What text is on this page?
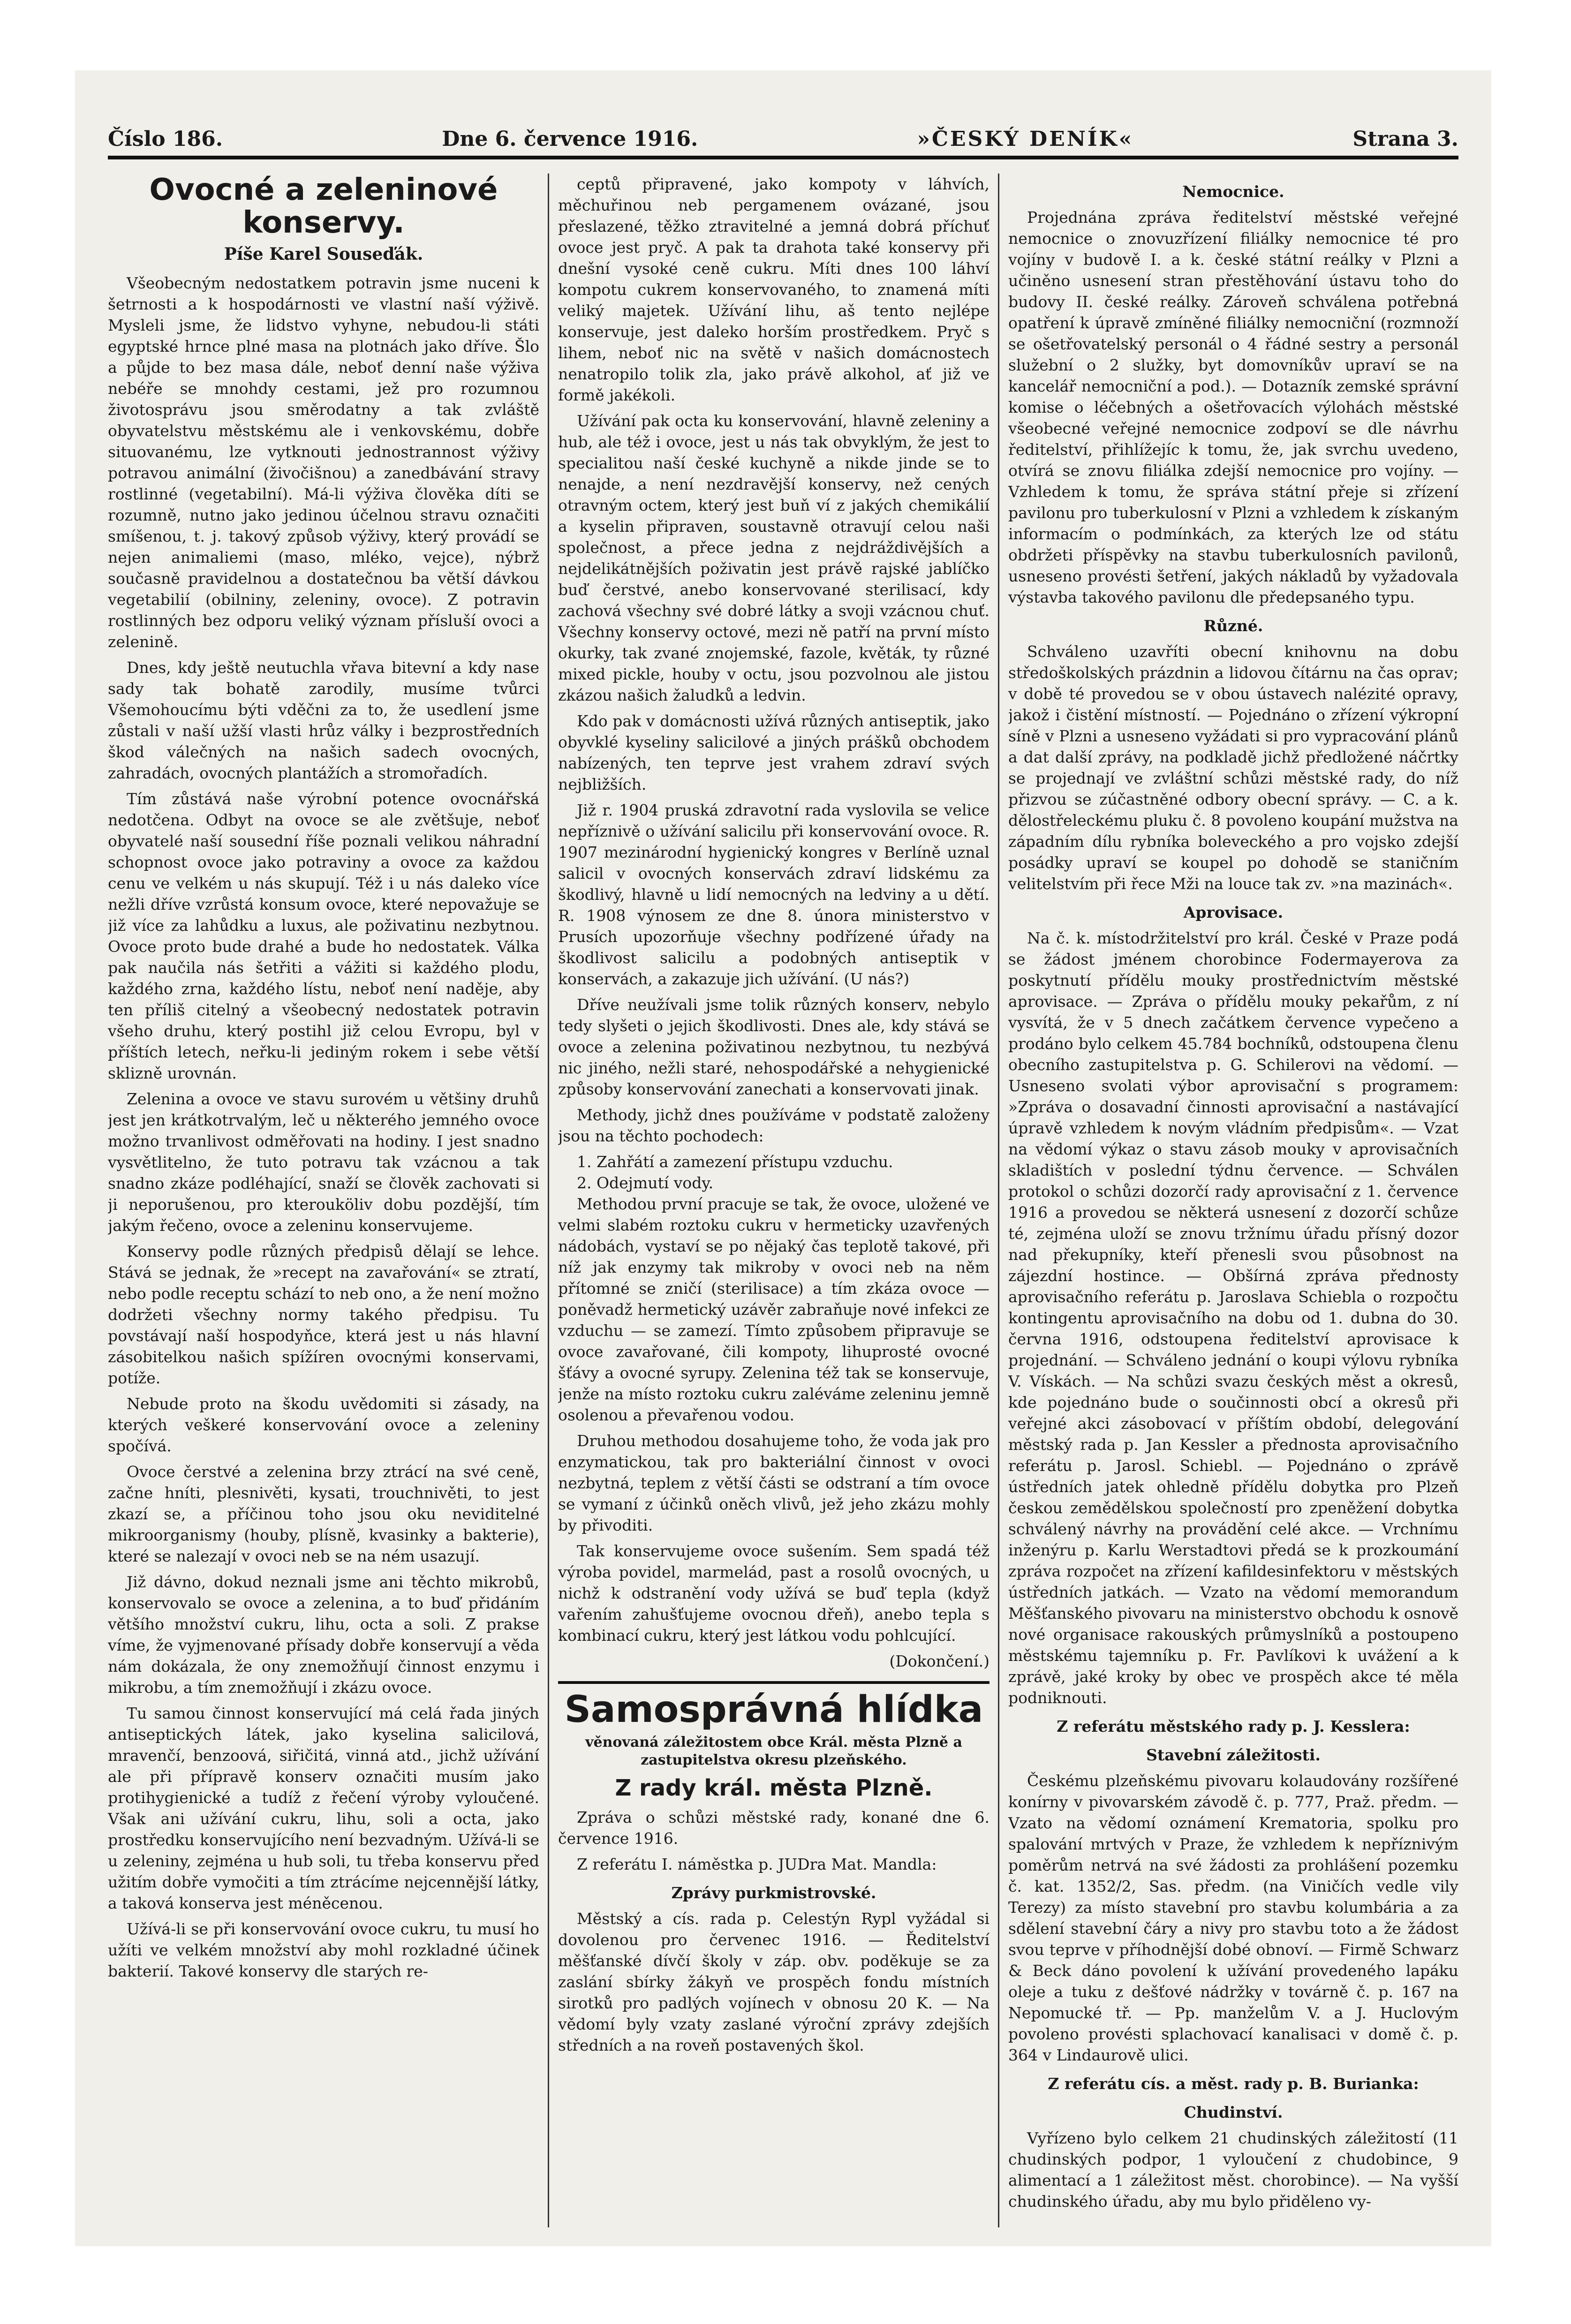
Číslo 186.	Dne 6. července 1916.	»ČESKÝ DENÍK«	Strana 3.

Ovocné a zeleninové konservy.

Píše Karel Souseďák.

Všeobecným nedostatkem potravin jsme nuceni k šetrnosti a k hospodárnosti ve vlastní naší výživě. Mysleli jsme, že lidstvo vyhyne, nebudou-li státi egyptské hrnce plné masa na plotnách jako dříve. Šlo a půjde to bez masa dále, neboť denní naše výživa nebéře se mnohdy cestami, jež pro rozumnou životosprávu jsou směrodatny a tak zvláště obyvatelstvu městskému ale i venkovskému, dobře situovanému, lze vytknouti jednostrannost výživy potravou animální (živočišnou) a zanedbávání stravy rostlinné (vegetabilní). Má-li výživa člověka díti se rozumně, nutno jako jedinou účelnou stravu označiti smíšenou, t. j. takový způsob výživy, který provádí se nejen animaliemi (maso, mléko, vejce), nýbrž současně pravidelnou a dostatečnou ba větší dávkou vegetabilií (obilniny, zeleniny, ovoce). Z potravin rostlinných bez odporu veliký význam přísluší ovoci a zelenině.

Dnes, kdy ještě neutuchla vřava bitevní a kdy nase sady tak bohatě zarodily, musíme tvůrci Všemohoucímu býti vděčni za to, že usedlení jsme zůstali v naší užší vlasti hrůz války i bezprostředních škod válečných na našich sadech ovocných, zahradách, ovocných plantážích a stromořadích.

Tím zůstává naše výrobní potence ovocnářská nedotčena. Odbyt na ovoce se ale zvětšuje, neboť obyvatelé naší sousední říše poznali velikou náhradní schopnost ovoce jako potraviny a ovoce za každou cenu ve velkém u nás skupují. Též i u nás daleko více nežli dříve vzrůstá konsum ovoce, které nepovažuje se již více za lahůdku a luxus, ale poživatinu nezbytnou. Ovoce proto bude drahé a bude ho nedostatek. Válka pak naučila nás šetřiti a vážiti si každého plodu, každého zrna, každého lístu, neboť není naděje, aby ten příliš citelný a všeobecný nedostatek potravin všeho druhu, který postihl již celou Evropu, byl v příštích letech, neřku-li jediným rokem i sebe větší sklizně urovnán.

Zelenina a ovoce ve stavu surovém u většiny druhů jest jen krátkotrvalým, leč u některého jemného ovoce možno trvanlivost odměřovati na hodiny. I jest snadno vysvětlitelno, že tuto potravu tak vzácnou a tak snadno zkáze podléhající, snaží se člověk zachovati si ji neporušenou, pro kterouköliv dobu pozdější, tím jakým řečeno, ovoce a zeleninu konservujeme.

Konservy podle různých předpisů dělají se lehce. Stává se jednak, že »recept na zavařování« se ztratí, nebo podle receptu schází to neb ono, a že není možno dodržeti všechny normy takého předpisu. Tu povstávají naší hospodyňce, která jest u nás hlavní zásobitelkou našich spížíren ovocnými konservami, potíže.

Nebude proto na škodu uvědomiti si zásady, na kterých veškeré konservování ovoce a zeleniny spočívá.

Ovoce čerstvé a zelenina brzy ztrácí na své ceně, začne hníti, plesnivěti, kysati, trouchnivěti, to jest zkazí se, a příčinou toho jsou oku neviditelné mikroorganismy (houby, plísně, kvasinky a bakterie), které se nalezají v ovoci neb se na ném usazují.

Již dávno, dokud neznali jsme ani těchto mikrobů, konservovalo se ovoce a zelenina, a to buď přidáním většího množství cukru, lihu, octa a soli. Z prakse víme, že vyjmenované přísady dobře konservují a věda nám dokázala, že ony znemožňují činnost enzymu i mikrobu, a tím znemožňují i zkázu ovoce.

Tu samou činnost konservující má celá řada jiných antiseptických látek, jako kyselina salicilová, mravenčí, benzoová, siřičitá, vinná atd., jichž užívání ale při přípravě konserv označiti musím jako protihygienické a tudíž z řečení výroby vyloučené. Však ani užívání cukru, lihu, soli a octa, jako prostředku konservujícího není bezvadným. Užívá-li se u zeleniny, zejména u hub soli, tu třeba konservu před užitím dobře vymočiti a tím ztrácíme nejcennější látky, a taková konserva jest méněcenou.

Užívá-li se při konservování ovoce cukru, tu musí ho užíti ve velkém množství aby mohl rozkladné účinek bakterií. Takové konservy dle starých re-

ceptů připravené, jako kompoty v láhvích, měchuřinou neb pergamenem ovázané, jsou přeslazené, těžko ztravitelné a jemná dobrá příchuť ovoce jest pryč. A pak ta drahota také konservy při dnešní vysoké ceně cukru. Míti dnes 100 láhví kompotu cukrem konservovaného, to znamená míti veliký majetek. Užívání lihu, aš tento nejlépe konservuje, jest daleko horším prostředkem. Pryč s lihem, neboť nic na světě v našich domácnostech nenatropilo tolik zla, jako právě alkohol, ať již ve formě jakékoli.

Užívání pak octa ku konservování, hlavně zeleniny a hub, ale též i ovoce, jest u nás tak obvyklým, že jest to specialitou naší české kuchyně a nikde jinde se to nenajde, a není nezdravější konservy, než cených otravným octem, který jest buň ví z jakých chemikálií a kyselin připraven, soustavně otravují celou naši společnost, a přece jedna z nejdráždivějších a nejdelikátnějších poživatin jest právě rajské jablíčko buď čerstvé, anebo konservované sterilisací, kdy zachová všechny své dobré látky a svoji vzácnou chuť. Všechny konservy octové, mezi ně patří na první místo okurky, tak zvané znojemské, fazole, květák, ty různé mixed pickle, houby v octu, jsou pozvolnou ale jistou zkázou našich žaludků a ledvin.

Kdo pak v domácnosti užívá různých antiseptik, jako obyvklé kyseliny salicilové a jiných prášků obchodem nabízených, ten teprve jest vrahem zdraví svých nejbližších.

Již r. 1904 pruská zdravotní rada vyslovila se velice nepříznivě o užívání salicilu při konservování ovoce. R. 1907 mezinárodní hygienický kongres v Berlíně uznal salicil v ovocných konservách zdraví lidskému za škodlivý, hlavně u lidí nemocných na ledviny a u dětí. R. 1908 výnosem ze dne 8. února ministerstvo v Prusích upozorňuje všechny podřízené úřady na škodlivost salicilu a podobných antiseptik v konservách, a zakazuje jich užívání. (U nás?)

Dříve neužívali jsme tolik různých konserv, nebylo tedy slyšeti o jejich škodlivosti. Dnes ale, kdy stává se ovoce a zelenina poživatinou nezbytnou, tu nezbývá nic jiného, nežli staré, nehospodářské a nehygienické způsoby konservování zanechati a konservovati jinak.

Methody, jichž dnes používáme v podstatě založeny jsou na těchto pochodech:

1. Zahřátí a zamezení přístupu vzduchu.

2. Odejmutí vody.

Methodou první pracuje se tak, že ovoce, uložené ve velmi slabém roztoku cukru v hermeticky uzavřených nádobách, vystaví se po nějaký čas teplotě takové, při níž jak enzymy tak mikroby v ovoci neb na něm přítomné se zničí (sterilisace) a tím zkáza ovoce — poněvadž hermetický uzávěr zabraňuje nové infekci ze vzduchu — se zamezí. Tímto způsobem připravuje se ovoce zavařované, čili kompoty, lihuprosté ovocné šťávy a ovocné syrupy. Zelenina též tak se konservuje, jenže na místo roztoku cukru zaléváme zeleninu jemně osolenou a převařenou vodou.

Druhou methodou dosahujeme toho, že voda jak pro enzymatickou, tak pro bakteriální činnost v ovoci nezbytná, teplem z větší části se odstraní a tím ovoce se vymaní z účinků oněch vlivů, jež jeho zkázu mohly by přivoditi.

Tak konservujeme ovoce sušením. Sem spadá též výroba povidel, marmelád, past a rosolů ovocných, u nichž k odstranění vody užívá se buď tepla (když vařením zahušťujeme ovocnou dřeň), anebo tepla s kombinací cukru, který jest látkou vodu pohlcující.

(Dokončení.)

Samosprávná hlídka

věnovaná záležitostem obce Král. města Plzně a zastupitelstva okresu plzeňského.

Z rady král. města Plzně.

Zpráva o schůzi městské rady, konané dne 6. července 1916.

Z referátu I. náměstka p. JUDra Mat. Mandla:

Zprávy purkmistrovské.

Městský a cís. rada p. Celestýn Rypl vyžádal si dovolenou pro červenec 1916. — Ředitelství měšťanské dívčí školy v záp. obv. poděkuje se za zaslání sbírky žákyň ve prospěch fondu místních sirotků pro padlých vojínech v obnosu 20 K. — Na vědomí byly vzaty zaslané výroční zprávy zdejších středních a na roveň postavených škol.

Nemocnice.

Projednána zpráva ředitelství městské veřejné nemocnice o znovuzřízení filiálky nemocnice té pro vojíny v budově I. a k. české státní reálky v Plzni a učiněno usnesení stran přestěhování ústavu toho do budovy II. české reálky. Zároveň schválena potřebná opatření k úpravě zmíněné filiálky nemocniční (rozmnoží se ošetřovatelský personál o 4 řádné sestry a personál služební o 2 služky, byt domovníkův upraví se na kancelář nemocniční a pod.). — Dotazník zemské správní komise o léčebných a ošetřovacích výlohách městské všeobecné veřejné nemocnice zodpoví se dle návrhu ředitelství, přihlížejíc k tomu, že, jak svrchu uvedeno, otvírá se znovu filiálka zdejší nemocnice pro vojíny. — Vzhledem k tomu, že správa státní přeje si zřízení pavilonu pro tuberkulosní v Plzni a vzhledem k získaným informacím o podmínkách, za kterých lze od státu obdržeti příspěvky na stavbu tuberkulosních pavilonů, usneseno provésti šetření, jakých nákladů by vyžadovala výstavba takového pavilonu dle předepsaného typu.

Různé.

Schváleno uzavříti obecní knihovnu na dobu středoškolských prázdnin a lidovou čítárnu na čas oprav; v době té provedou se v obou ústavech nalézité opravy, jakož i čistění místností. — Pojednáno o zřízení výkropní síně v Plzni a usneseno vyžádati si pro vypracování plánů a dat další zprávy, na podkladě jichž předložené náčrtky se projednají ve zvláštní schůzi městské rady, do níž přizvou se zúčastněné odbory obecní správy. — C. a k. dělostřeleckému pluku č. 8 povoleno koupání mužstva na západním dílu rybníka boleveckého a pro vojsko zdejší posádky upraví se koupel po dohodě se staničním velitelstvím při řece Mži na louce tak zv. »na mazinách«.

Aprovisace.

Na č. k. místodržitelství pro král. České v Praze podá se žádost jménem chorobince Fodermayerova za poskytnutí přídělu mouky prostřednictvím městské aprovisace. — Zpráva o přídělu mouky pekařům, z ní vysvítá, že v 5 dnech začátkem července vypečeno a prodáno bylo celkem 45.784 bochníků, odstoupena členu obecního zastupitelstva p. G. Schilerovi na vědomí. — Usneseno svolati výbor aprovisační s programem: »Zpráva o dosavadní činnosti aprovisační a nastávající úpravě vzhledem k novým vládním předpisům«. — Vzat na vědomí výkaz o stavu zásob mouky v aprovisačních skladištích v poslední týdnu července. — Schválen protokol o schůzi dozorčí rady aprovisační z 1. července 1916 a provedou se některá usnesení z dozorčí schůze té, zejména uloží se znovu tržnímu úřadu přísný dozor nad překupníky, kteří přenesli svou působnost na zájezdní hostince. — Obšírná zpráva přednosty aprovisačního referátu p. Jaroslava Schiebla o rozpočtu kontingentu aprovisačního na dobu od 1. dubna do 30. června 1916, odstoupena ředitelství aprovisace k projednání. — Schváleno jednání o koupi výlovu rybníka V. Vískách. — Na schůzi svazu českých měst a okresů, kde pojednáno bude o součinnosti obcí a okresů při veřejné akci zásobovací v příštím období, delegování městský rada p. Jan Kessler a přednosta aprovisačního referátu p. Jarosl. Schiebl. — Pojednáno o zprávě ústředních jatek ohledně přídělu dobytka pro Plzeň českou zemědělskou společností pro zpeněžení dobytka schválený návrhy na provádění celé akce. — Vrchnímu inženýru p. Karlu Werstadtovi předá se k prozkoumání zpráva rozpočet na zřízení kafildesinfektoru v městských ústředních jatkách. — Vzato na vědomí memorandum Měšťanského pivovaru na ministerstvo obchodu k osnově nové organisace rakouských průmyslníků a postoupeno městskému tajemníku p. Fr. Pavlíkovi k uvážení a k zprávě, jaké kroky by obec ve prospěch akce té měla podniknouti.

Z referátu městského rady p. J. Kesslera:

Stavební záležitosti.

Českému plzeňskému pivovaru kolaudovány rozšířené konírny v pivovarském závodě č. p. 777, Praž. předm. — Vzato na vědomí oznámení Krematoria, spolku pro spalování mrtvých v Praze, že vzhledem k nepříznivým poměrům netrvá na své žádosti za prohlášení pozemku č. kat. 1352/2, Sas. předm. (na Viničích vedle vily Terezy) za místo stavební pro stavbu kolumbária a za sdělení stavební čáry a nivy pro stavbu toto a že žádost svou teprve v příhodnější dobé obnoví. — Firmě Schwarz & Beck dáno povolení k užívání provedeného lapáku oleje a tuku z dešťové nádržky v továrně č. p. 167 na Nepomucké tř. — Pp. manželům V. a J. Huclovým povoleno provésti splachovací kanalisaci v domě č. p. 364 v Lindaurově ulici.

Z referátu cís. a měst. rady p. B. Burianka:

Chudinství.

Vyřízeno bylo celkem 21 chudinských záležitostí (11 chudinských podpor, 1 vyloučení z chudobince, 9 alimentací a 1 záležitost měst. chorobince). — Na vyšší chudinského úřadu, aby mu bylo přiděleno vy-
